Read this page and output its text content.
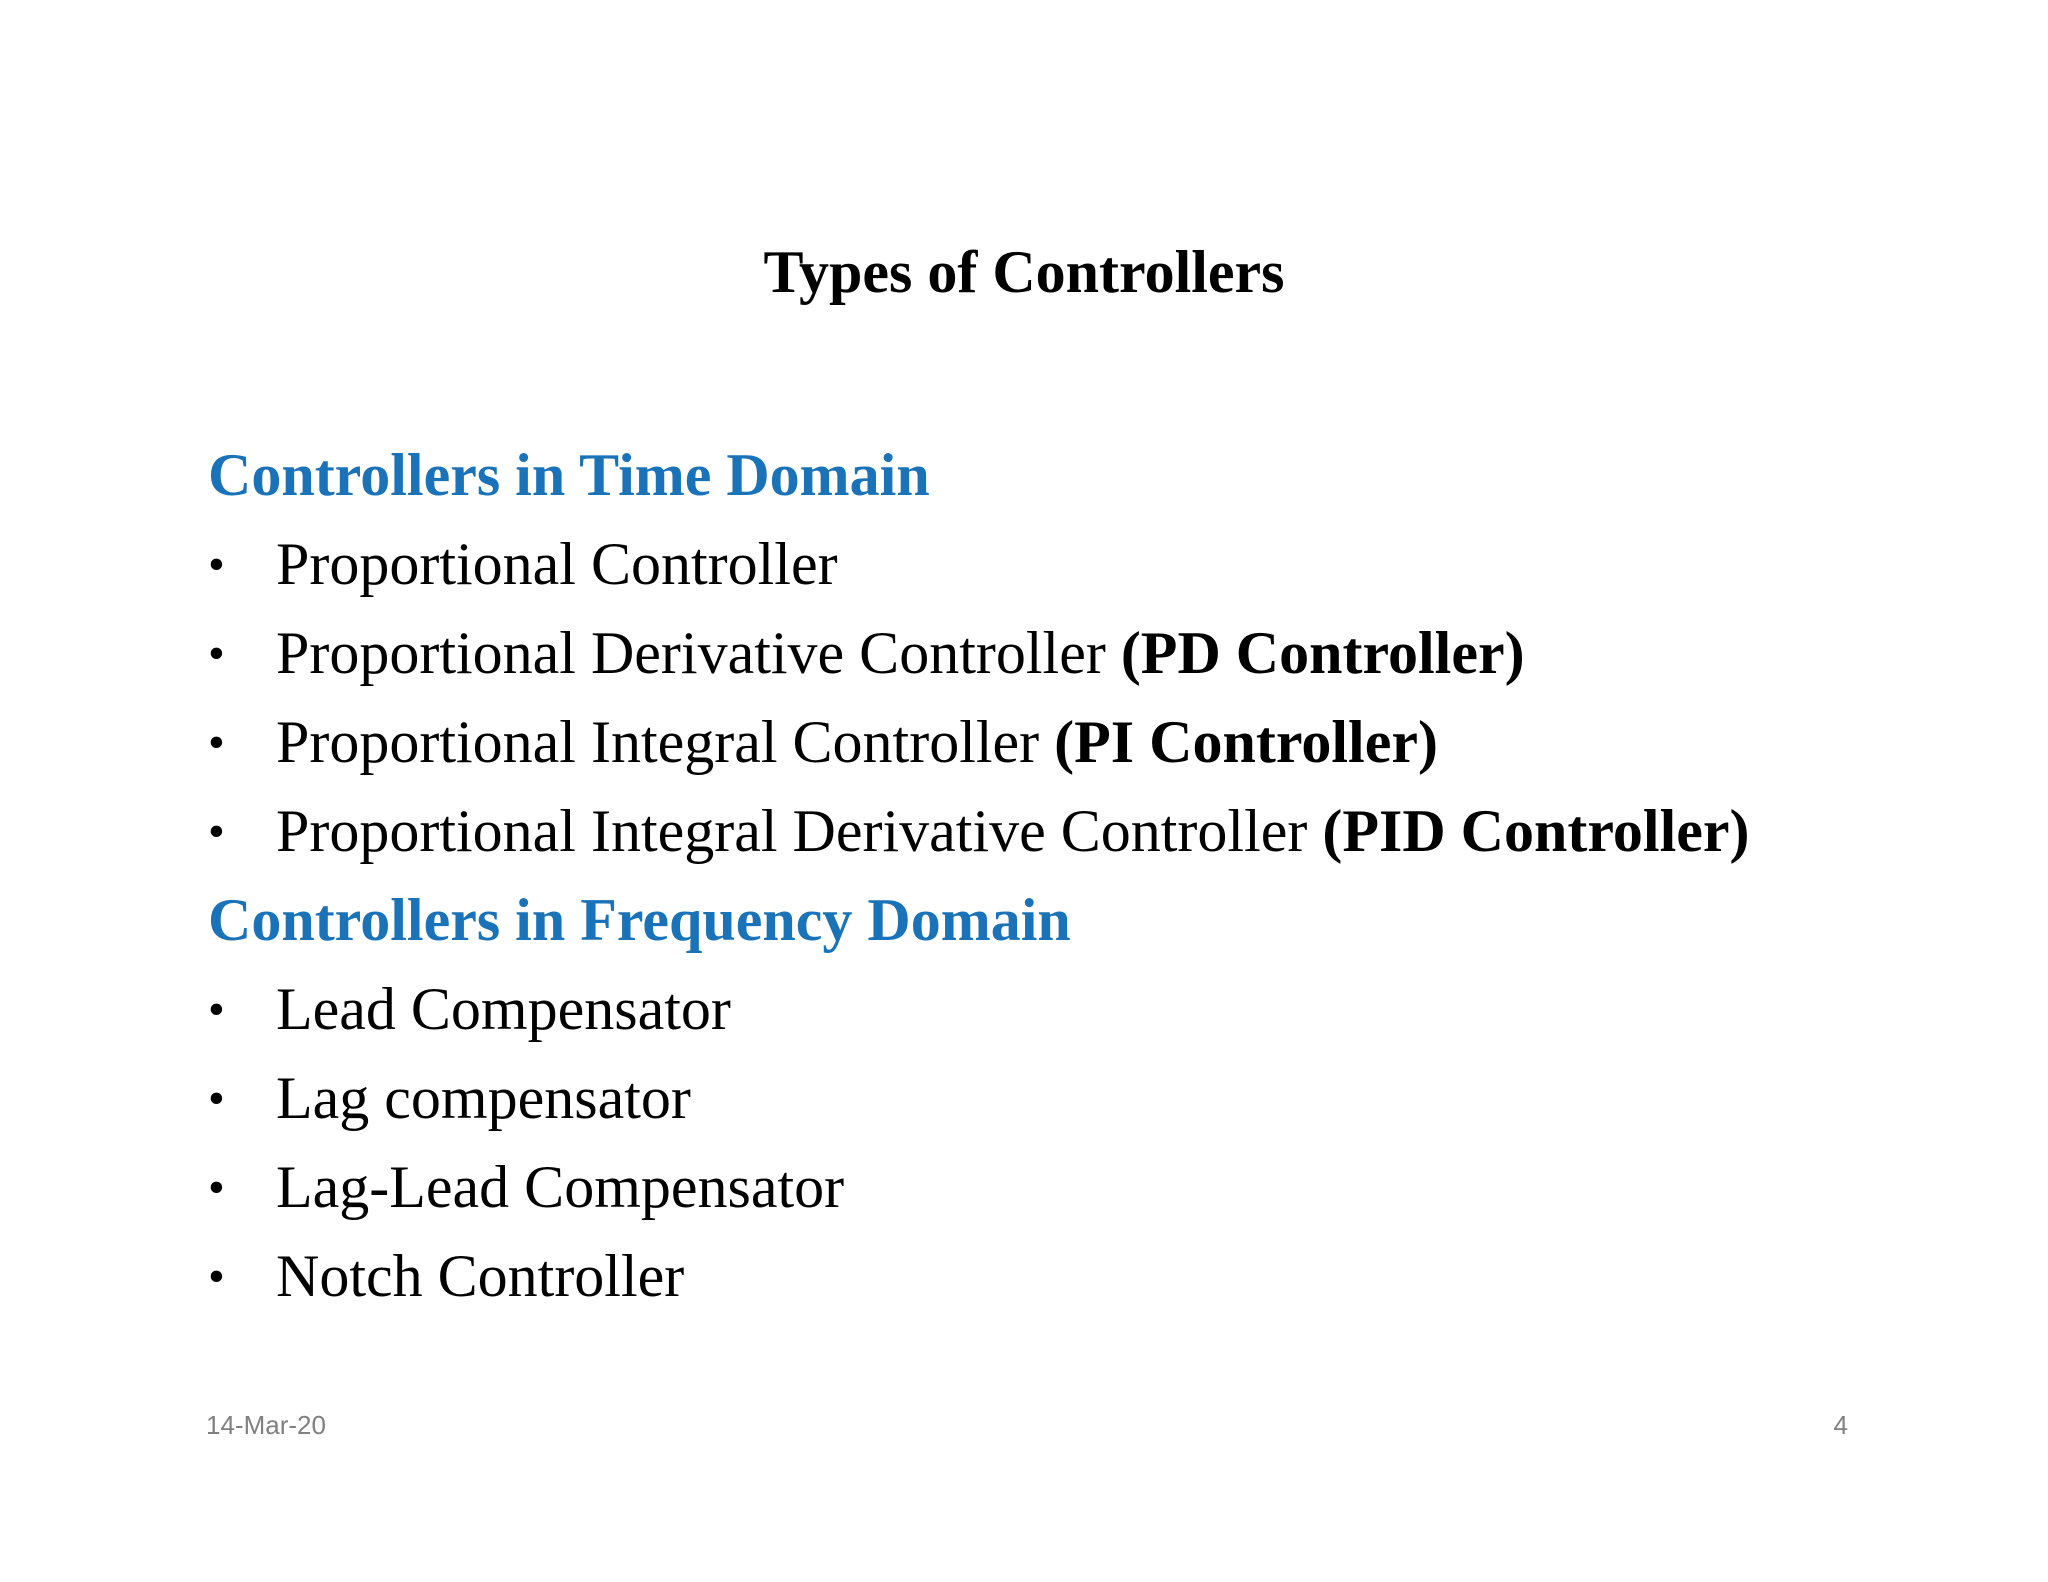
Types of Controllers
Controllers in Time Domain
• Proportional Controller
• Proportional Derivative Controller (PD Controller)
• Proportional Integral Controller (PI Controller)
• Proportional Integral Derivative Controller (PID Controller)
Controllers in Frequency Domain
• Lead Compensator
• Lag compensator
• Lag-Lead Compensator
• Notch Controller
14-Mar-20	4
